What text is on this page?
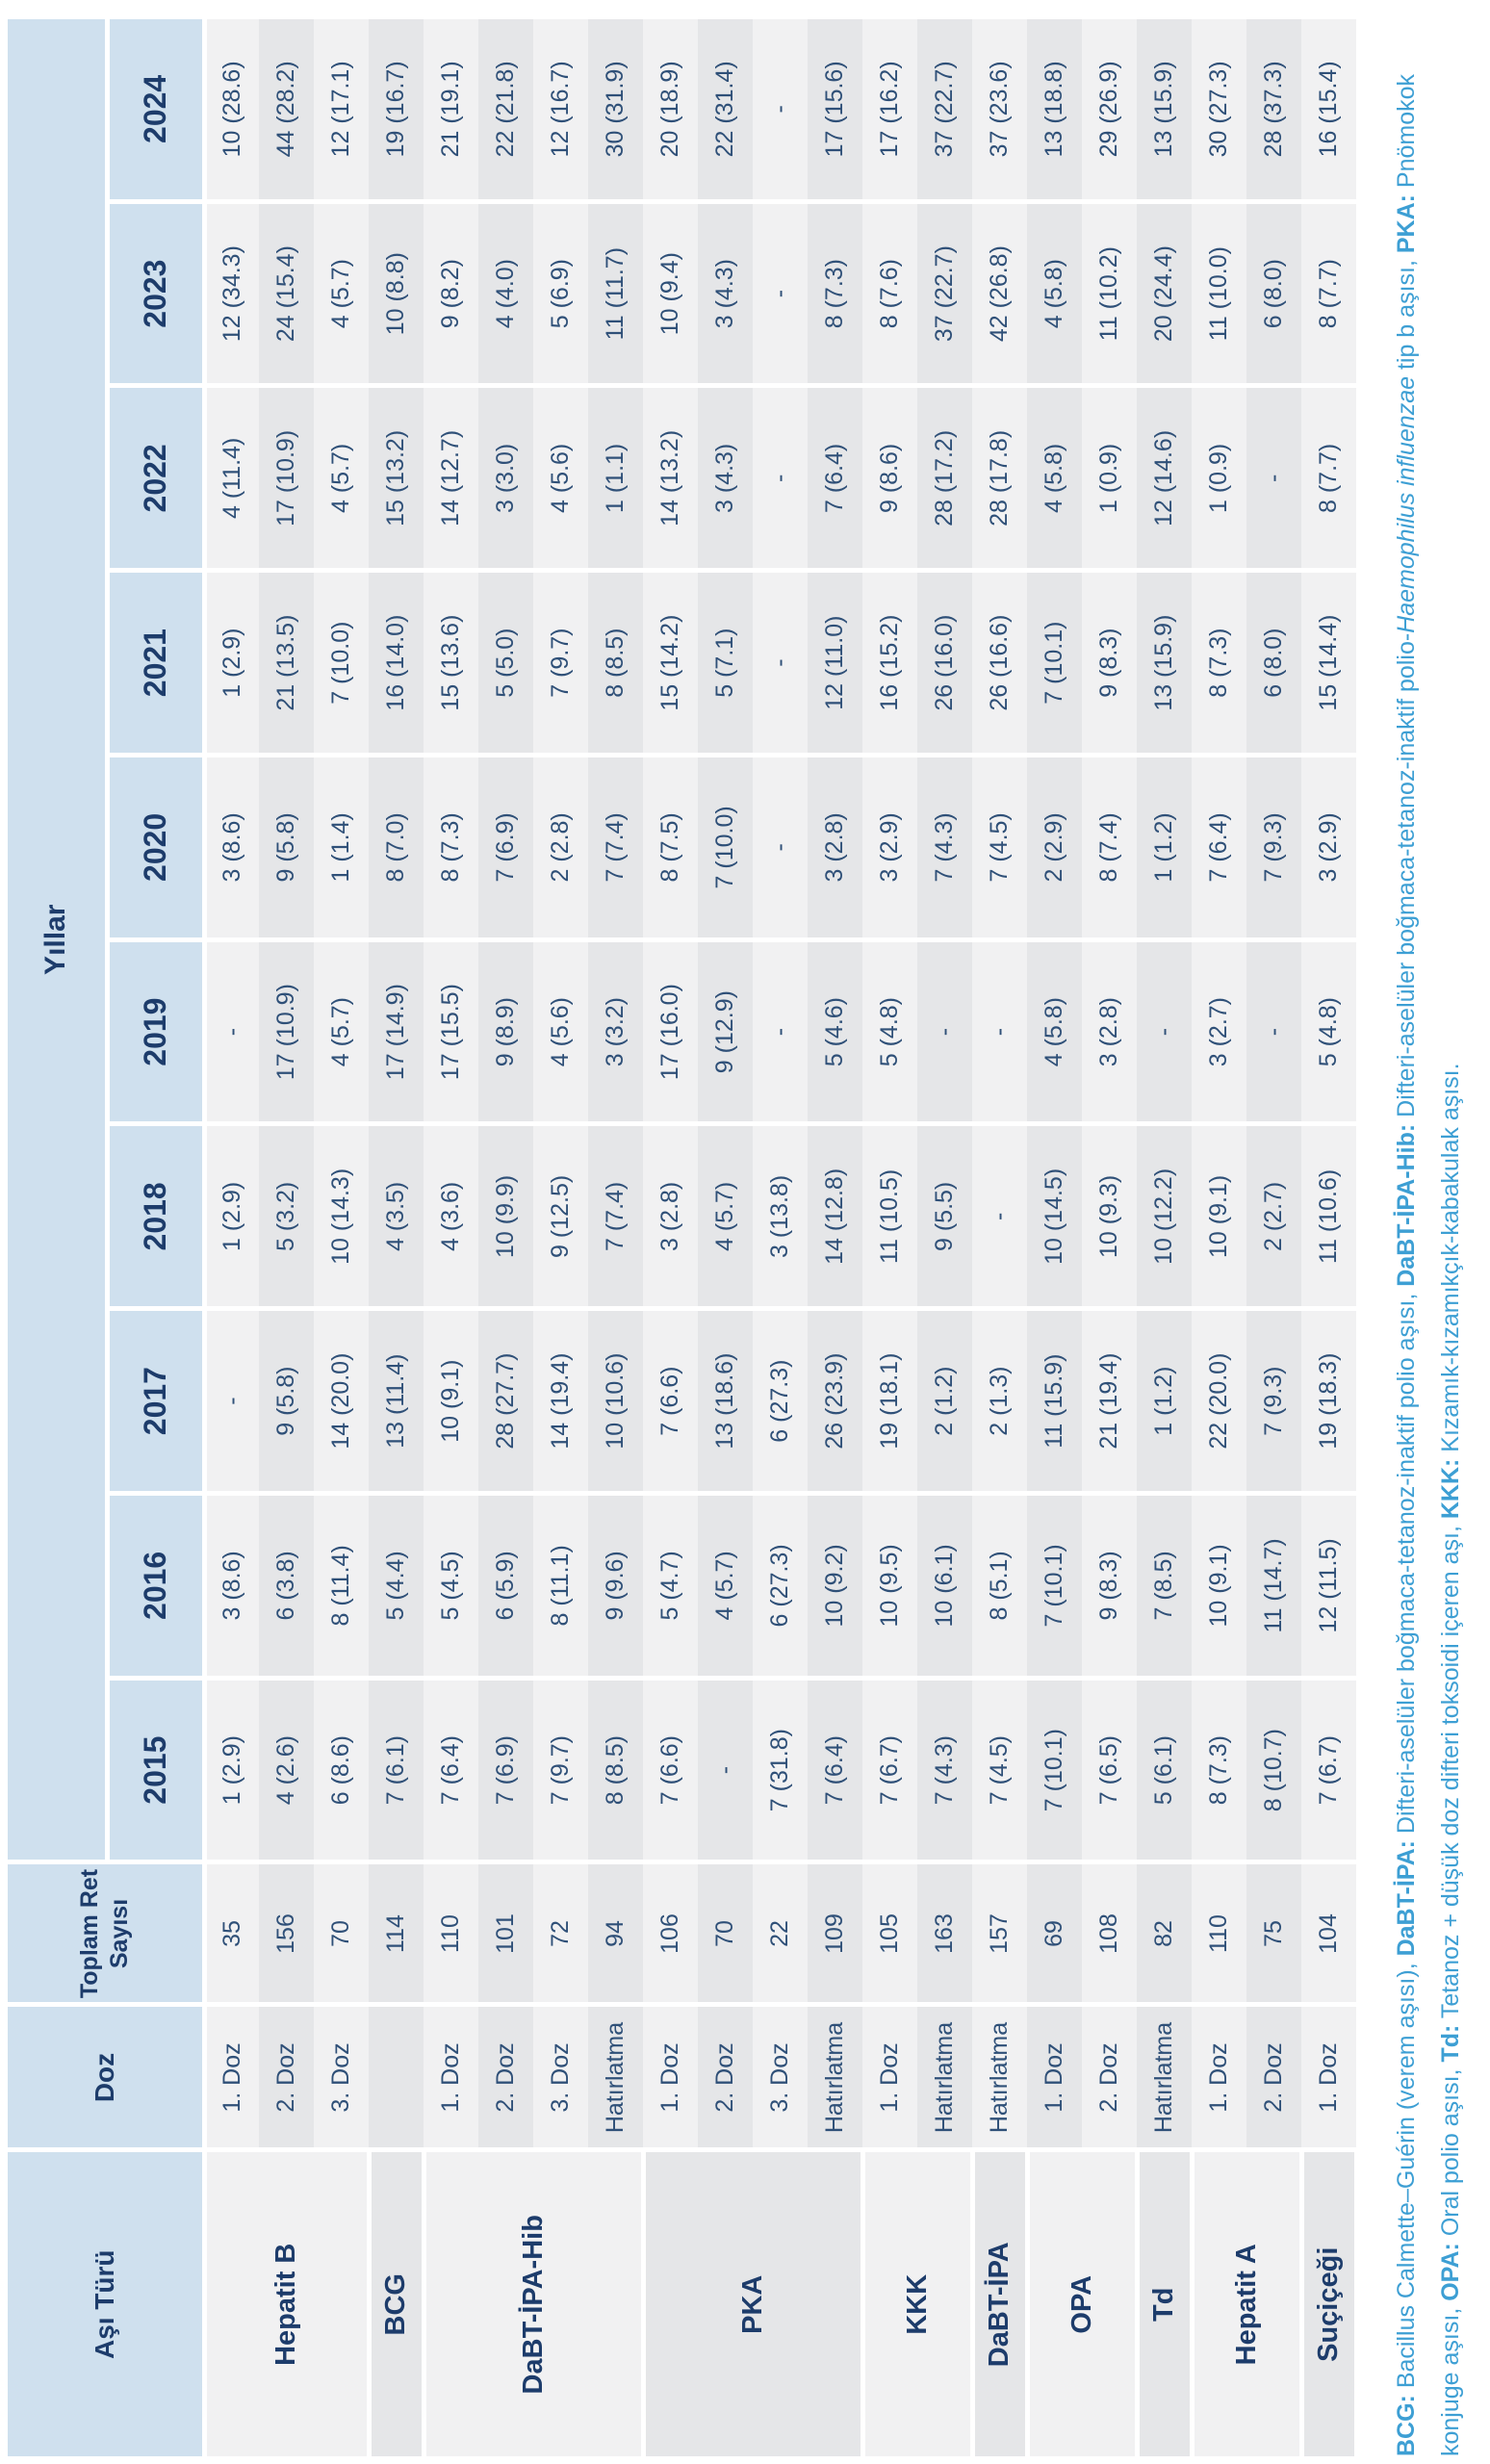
Aşı Türü	Doz	Toplam Ret Sayısı	Yıllar									
			2015	2016	2017	2018	2019	2020	2021	2022	2023	2024
Hepatit B	1. Doz	35	1 (2.9)	3 (8.6)	-	1 (2.9)	-	3 (8.6)	1 (2.9)	4 (11.4)	12 (34.3)	10 (28.6)
	2. Doz	156	4 (2.6)	6 (3.8)	9 (5.8)	5 (3.2)	17 (10.9)	9 (5.8)	21 (13.5)	17 (10.9)	24 (15.4)	44 (28.2)
	3. Doz	70	6 (8.6)	8 (11.4)	14 (20.0)	10 (14.3)	4 (5.7)	1 (1.4)	7 (10.0)	4 (5.7)	4 (5.7)	12 (17.1)
BCG		114	7 (6.1)	5 (4.4)	13 (11.4)	4 (3.5)	17 (14.9)	8 (7.0)	16 (14.0)	15 (13.2)	10 (8.8)	19 (16.7)
DaBT-İPA-Hib	1. Doz	110	7 (6.4)	5 (4.5)	10 (9.1)	4 (3.6)	17 (15.5)	8 (7.3)	15 (13.6)	14 (12.7)	9 (8.2)	21 (19.1)
	2. Doz	101	7 (6.9)	6 (5.9)	28 (27.7)	10 (9.9)	9 (8.9)	7 (6.9)	5 (5.0)	3 (3.0)	4 (4.0)	22 (21.8)
	3. Doz	72	7 (9.7)	8 (11.1)	14 (19.4)	9 (12.5)	4 (5.6)	2 (2.8)	7 (9.7)	4 (5.6)	5 (6.9)	12 (16.7)
	Hatırlatma	94	8 (8.5)	9 (9.6)	10 (10.6)	7 (7.4)	3 (3.2)	7 (7.4)	8 (8.5)	1 (1.1)	11 (11.7)	30 (31.9)
PKA	1. Doz	106	7 (6.6)	5 (4.7)	7 (6.6)	3 (2.8)	17 (16.0)	8 (7.5)	15 (14.2)	14 (13.2)	10 (9.4)	20 (18.9)
	2. Doz	70	-	4 (5.7)	13 (18.6)	4 (5.7)	9 (12.9)	7 (10.0)	5 (7.1)	3 (4.3)	3 (4.3)	22 (31.4)
	3. Doz	22	7 (31.8)	6 (27.3)	6 (27.3)	3 (13.8)	-	-	-	-	-	-
	Hatırlatma	109	7 (6.4)	10 (9.2)	26 (23.9)	14 (12.8)	5 (4.6)	3 (2.8)	12 (11.0)	7 (6.4)	8 (7.3)	17 (15.6)
KKK	1. Doz	105	7 (6.7)	10 (9.5)	19 (18.1)	11 (10.5)	5 (4.8)	3 (2.9)	16 (15.2)	9 (8.6)	8 (7.6)	17 (16.2)
	Hatırlatma	163	7 (4.3)	10 (6.1)	2 (1.2)	9 (5.5)	-	7 (4.3)	26 (16.0)	28 (17.2)	37 (22.7)	37 (22.7)
DaBT-İPA	Hatırlatma	157	7 (4.5)	8 (5.1)	2 (1.3)	-	-	7 (4.5)	26 (16.6)	28 (17.8)	42 (26.8)	37 (23.6)
OPA	1. Doz	69	7 (10.1)	7 (10.1)	11 (15.9)	10 (14.5)	4 (5.8)	2 (2.9)	7 (10.1)	4 (5.8)	4 (5.8)	13 (18.8)
	2. Doz	108	7 (6.5)	9 (8.3)	21 (19.4)	10 (9.3)	3 (2.8)	8 (7.4)	9 (8.3)	1 (0.9)	11 (10.2)	29 (26.9)
Td	Hatırlatma	82	5 (6.1)	7 (8.5)	1 (1.2)	10 (12.2)	-	1 (1.2)	13 (15.9)	12 (14.6)	20 (24.4)	13 (15.9)
Hepatit A	1. Doz	110	8 (7.3)	10 (9.1)	22 (20.0)	10 (9.1)	3 (2.7)	7 (6.4)	8 (7.3)	1 (0.9)	11 (10.0)	30 (27.3)
	2. Doz	75	8 (10.7)	11 (14.7)	7 (9.3)	2 (2.7)	-	7 (9.3)	6 (8.0)	-	6 (8.0)	28 (37.3)
Suçiçeği	1. Doz	104	7 (6.7)	12 (11.5)	19 (18.3)	11 (10.6)	5 (4.8)	3 (2.9)	15 (14.4)	8 (7.7)	8 (7.7)	16 (15.4)

BCG: Bacillus Calmette–Guérin (verem aşısı), DaBT-İPA: Difteri-aselüler boğmaca-tetanoz-inaktif polio aşısı, DaBT-İPA-Hib: Difteri-aselüler boğmaca-tetanoz-inaktif polio-Haemophilus influenzae tip b aşısı, PKA: Pnömokok

konjuge aşısı, OPA: Oral polio aşısı, Td: Tetanoz + düşük doz difteri toksoidi içeren aşı, KKK: Kızamık-kızamıkçık-kabakulak aşısı.
